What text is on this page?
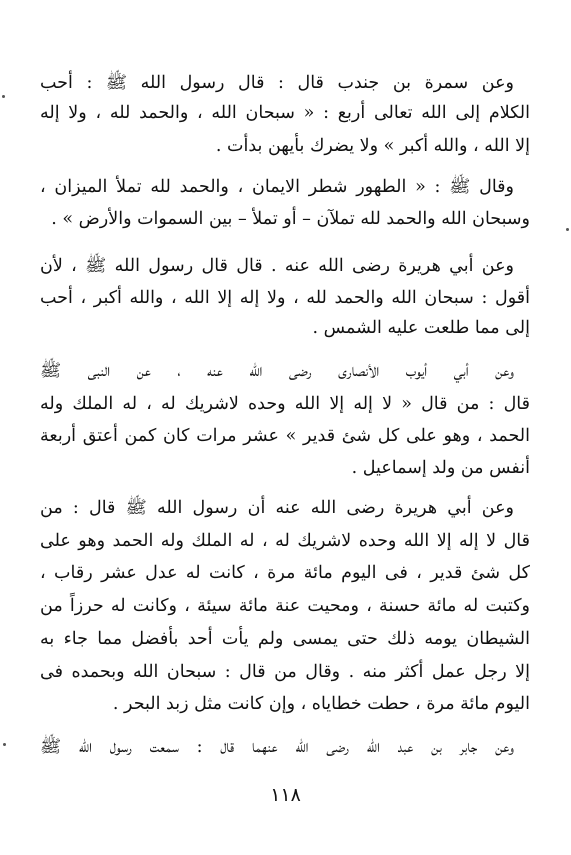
وعن سمرة بن جندب قال : قال رسول الله ﷺ : أحب
الكلام إلى الله تعالى أربع : « سبحان الله ، والحمد لله ، ولا إله
إلا الله ، والله أكبر » ولا يضرك بأيهن بدأت .
وقال ﷺ : « الطهور شطر الايمان ، والحمد لله تملأ الميزان ،
وسبحان الله والحمد لله تملآن – أو تملأ – بين السموات والأرض » .
وعن أبي هريرة رضى الله عنه . قال قال رسول الله ﷺ ، لأن
أقول : سبحان الله والحمد لله ، ولا إله إلا الله ، والله أكبر ، أحب
إلى مما طلعت عليه الشمس .
وعن أبي أيوب الأنصارى رضى الله عنه ، عن النبى ﷺ
قال : من قال « لا إله إلا الله وحده لاشريك له ، له الملك وله
الحمد ، وهو على كل شئ قدير » عشر مرات كان كمن أعتق أربعة
أنفس من ولد إسماعيل .
وعن أبي هريرة رضى الله عنه أن رسول الله ﷺ قال : من
قال لا إله إلا الله وحده لاشريك له ، له الملك وله الحمد وهو على
كل شئ قدير ، فى اليوم مائة مرة ، كانت له عدل عشر رقاب ،
وكتبت له مائة حسنة ، ومحيت عنة مائة سيئة ، وكانت له حرزاً من
الشيطان يومه ذلك حتى يمسى ولم يأت أحد بأفضل مما جاء به
إلا رجل عمل أكثر منه . وقال من قال : سبحان الله وبحمده فى
اليوم مائة مرة ، حطت خطاياه ، وإن كانت مثل زبد البحر .
وعن جابر بن عبد الله رضى الله عنهما قال : سمعت رسول الله ﷺ
١١٨
